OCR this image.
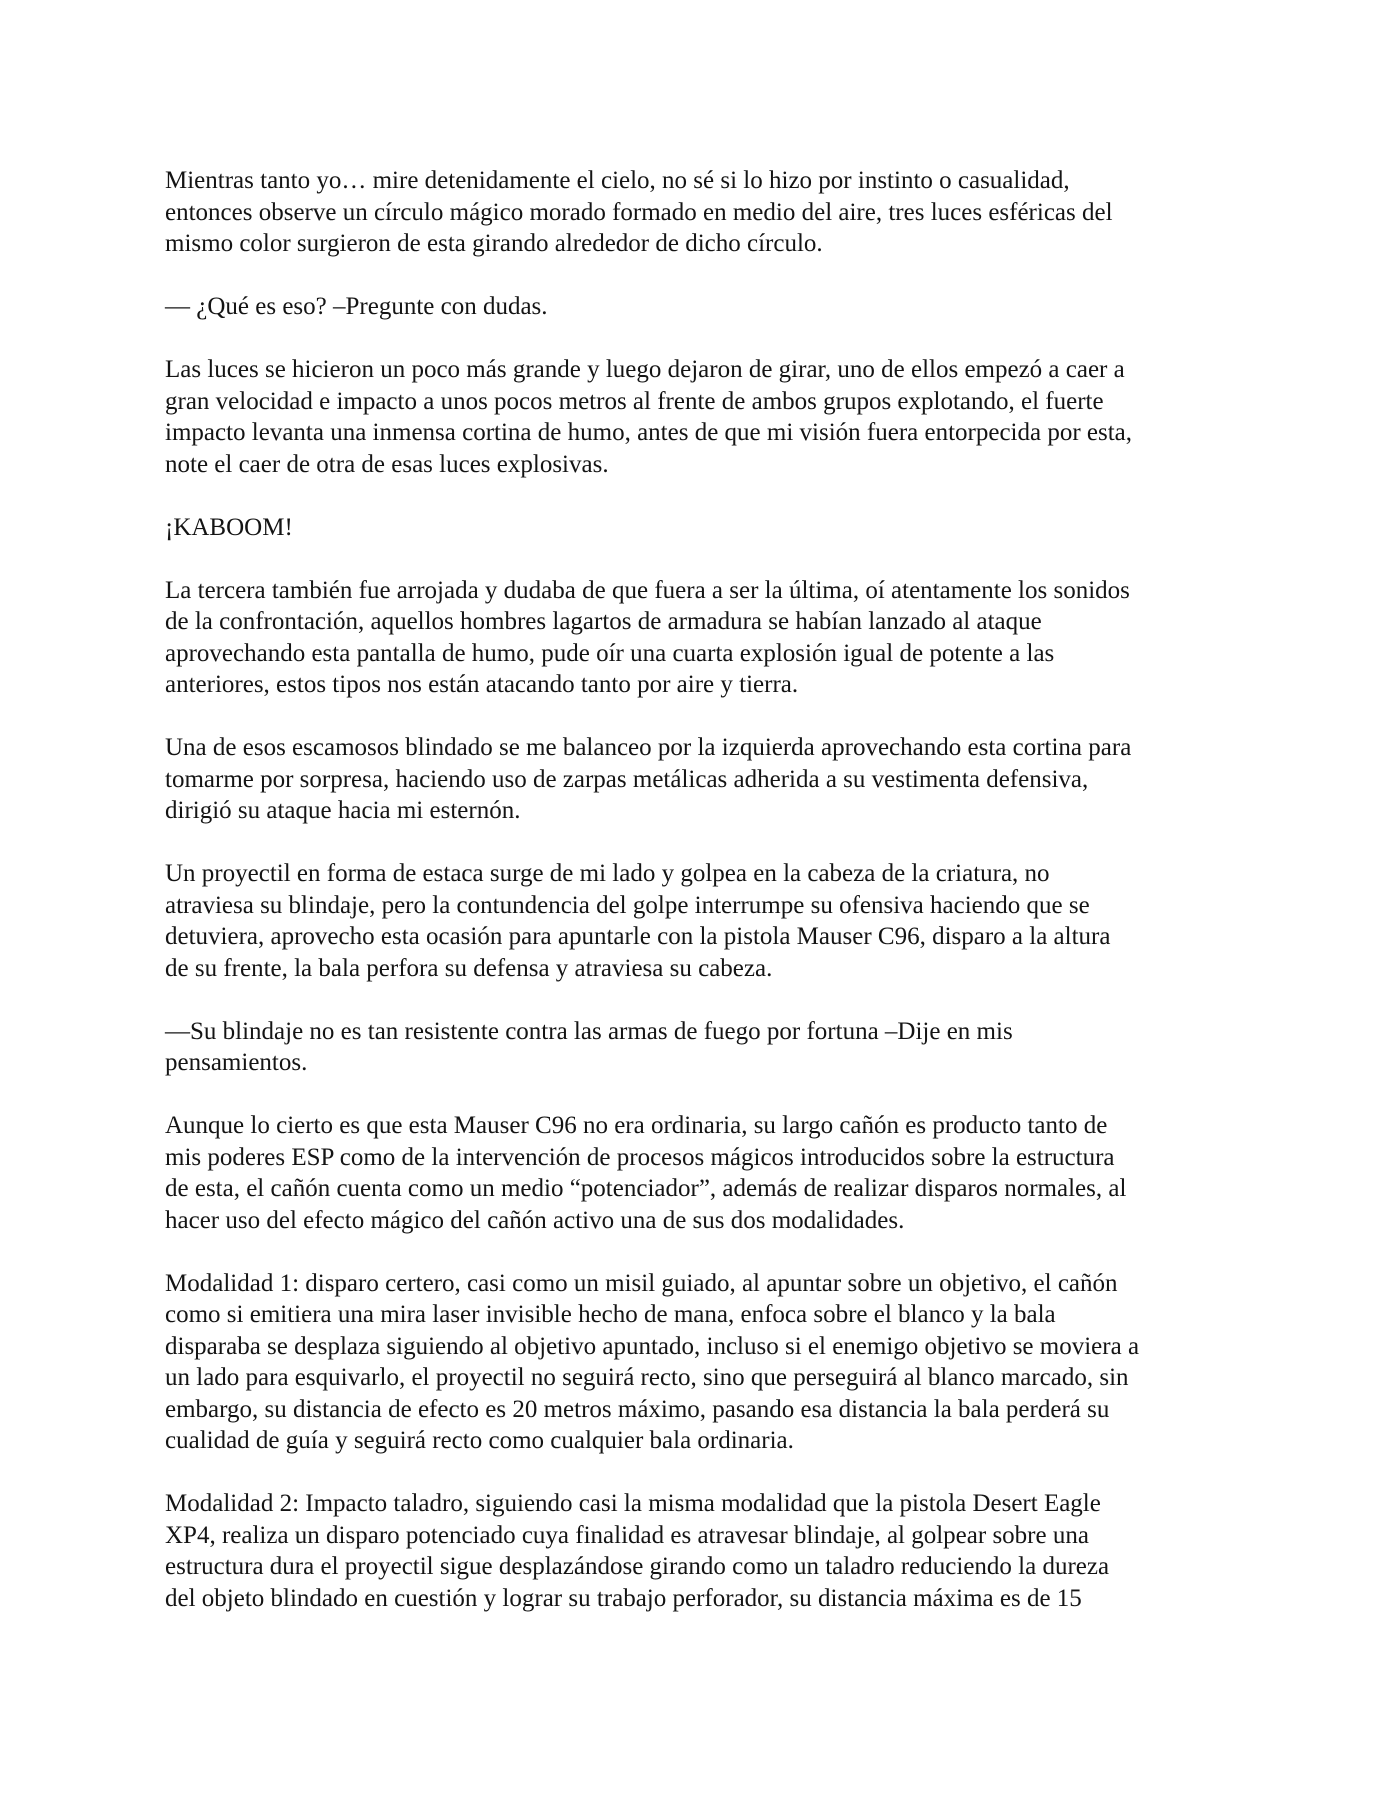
Mientras tanto yo… mire detenidamente el cielo, no sé si lo hizo por instinto o casualidad,
entonces observe un círculo mágico morado formado en medio del aire, tres luces esféricas del
mismo color surgieron de esta girando alrededor de dicho círculo.

— ¿Qué es eso? –Pregunte con dudas.

Las luces se hicieron un poco más grande y luego dejaron de girar, uno de ellos empezó a caer a
gran velocidad e impacto a unos pocos metros al frente de ambos grupos explotando, el fuerte
impacto levanta una inmensa cortina de humo, antes de que mi visión fuera entorpecida por esta,
note el caer de otra de esas luces explosivas.

¡KABOOM!

La tercera también fue arrojada y dudaba de que fuera a ser la última, oí atentamente los sonidos
de la confrontación, aquellos hombres lagartos de armadura se habían lanzado al ataque
aprovechando esta pantalla de humo, pude oír una cuarta explosión igual de potente a las
anteriores, estos tipos nos están atacando tanto por aire y tierra.

Una de esos escamosos blindado se me balanceo por la izquierda aprovechando esta cortina para
tomarme por sorpresa, haciendo uso de zarpas metálicas adherida a su vestimenta defensiva,
dirigió su ataque hacia mi esternón.

Un proyectil en forma de estaca surge de mi lado y golpea en la cabeza de la criatura, no
atraviesa su blindaje, pero la contundencia del golpe interrumpe su ofensiva haciendo que se
detuviera, aprovecho esta ocasión para apuntarle con la pistola Mauser C96, disparo a la altura
de su frente, la bala perfora su defensa y atraviesa su cabeza.

—Su blindaje no es tan resistente contra las armas de fuego por fortuna –Dije en mis
pensamientos.

Aunque lo cierto es que esta Mauser C96 no era ordinaria, su largo cañón es producto tanto de
mis poderes ESP como de la intervención de procesos mágicos introducidos sobre la estructura
de esta, el cañón cuenta como un medio “potenciador”, además de realizar disparos normales, al
hacer uso del efecto mágico del cañón activo una de sus dos modalidades.

Modalidad 1: disparo certero, casi como un misil guiado, al apuntar sobre un objetivo, el cañón
como si emitiera una mira laser invisible hecho de mana, enfoca sobre el blanco y la bala
disparaba se desplaza siguiendo al objetivo apuntado, incluso si el enemigo objetivo se moviera a
un lado para esquivarlo, el proyectil no seguirá recto, sino que perseguirá al blanco marcado, sin
embargo, su distancia de efecto es 20 metros máximo, pasando esa distancia la bala perderá su
cualidad de guía y seguirá recto como cualquier bala ordinaria.

Modalidad 2: Impacto taladro, siguiendo casi la misma modalidad que la pistola Desert Eagle
XP4, realiza un disparo potenciado cuya finalidad es atravesar blindaje, al golpear sobre una
estructura dura el proyectil sigue desplazándose girando como un taladro reduciendo la dureza
del objeto blindado en cuestión y lograr su trabajo perforador, su distancia máxima es de 15
